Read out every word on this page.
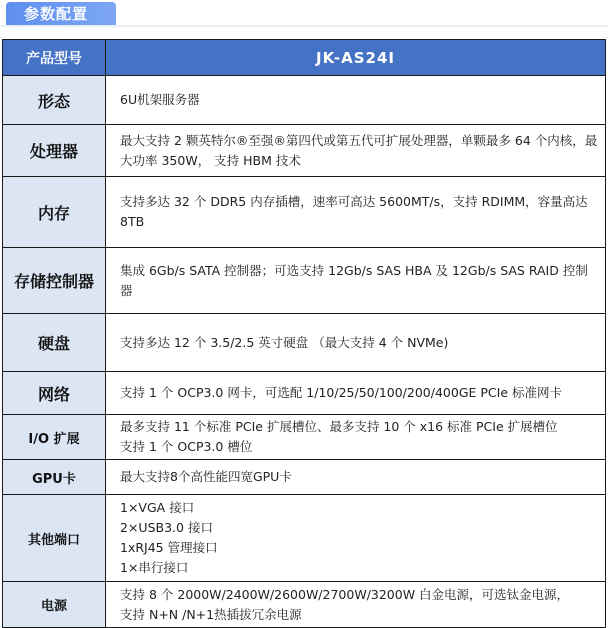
参数配置
产品型号	JK-AS24I
形态	6U机架服务器

处理器	最大支持 2 颗英特尔®至强®第四代或第五代可扩展处理器，单颗最多 64 个内核，最大功率 350W， 支持 HBM 技术

内存	支持多达 32 个 DDR5 内存插槽，速率可高达 5600MT/s，支持 RDIMM，容量高达 8TB

存储控制器	集成 6Gb/s SATA 控制器；可选支持 12Gb/s SAS HBA 及 12Gb/s SAS RAID 控制器

硬盘	支持多达 12 个 3.5/2.5 英寸硬盘 （最大支持 4 个 NVMe)

网络	支持 1 个 OCP3.0 网卡，可选配 1/10/25/50/100/200/400GE PCIe 标准网卡

I/O 扩展	最多支持 11 个标准 PCIe 扩展槽位、最多支持 10 个 x16 标准 PCIe 扩展槽位
支持 1 个 OCP3.0 槽位

GPU卡	最大支持8个高性能四宽GPU卡

其他端口	1×VGA 接口
2×USB3.0 接口
1xRJ45 管理接口
1×串行接口

电源	支持 8 个 2000W/2400W/2600W/2700W/3200W 白金电源，可选钛金电源，
支持 N+N /N+1热插拔冗余电源
